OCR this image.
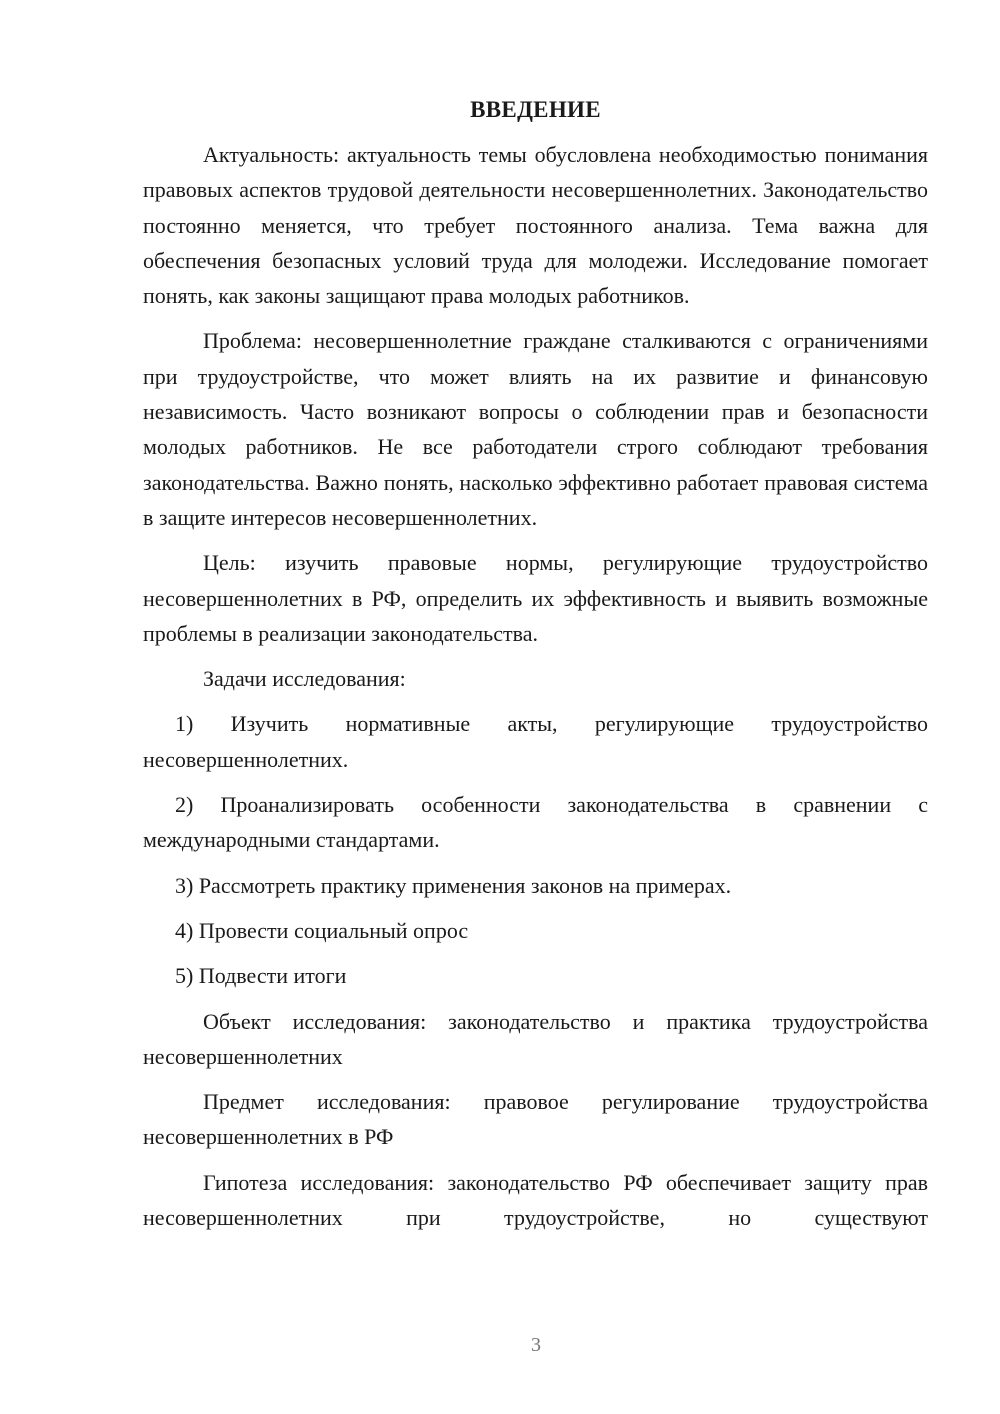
ВВЕДЕНИЕ

Актуальность: актуальность темы обусловлена необходимостью понимания правовых аспектов трудовой деятельности несовершеннолетних. Законодательство постоянно меняется, что требует постоянного анализа. Тема важна для обеспечения безопасных условий труда для молодежи. Исследование помогает понять, как законы защищают права молодых работников.

Проблема: несовершеннолетние граждане сталкиваются с ограничениями при трудоустройстве, что может влиять на их развитие и финансовую независимость. Часто возникают вопросы о соблюдении прав и безопасности молодых работников. Не все работодатели строго соблюдают требования законодательства. Важно понять, насколько эффективно работает правовая система в защите интересов несовершеннолетних.

Цель: изучить правовые нормы, регулирующие трудоустройство несовершеннолетних в РФ, определить их эффективность и выявить возможные проблемы в реализации законодательства.

Задачи исследования:

1) Изучить нормативные акты, регулирующие трудоустройство несовершеннолетних.

2) Проанализировать особенности законодательства в сравнении с международными стандартами.

3) Рассмотреть практику применения законов на примерах.

4) Провести социальный опрос

5) Подвести итоги

Объект исследования: законодательство и практика трудоустройства несовершеннолетних

Предмет исследования: правовое регулирование трудоустройства несовершеннолетних в РФ

Гипотеза исследования: законодательство РФ обеспечивает защиту прав несовершеннолетних при трудоустройстве, но существуют

3
